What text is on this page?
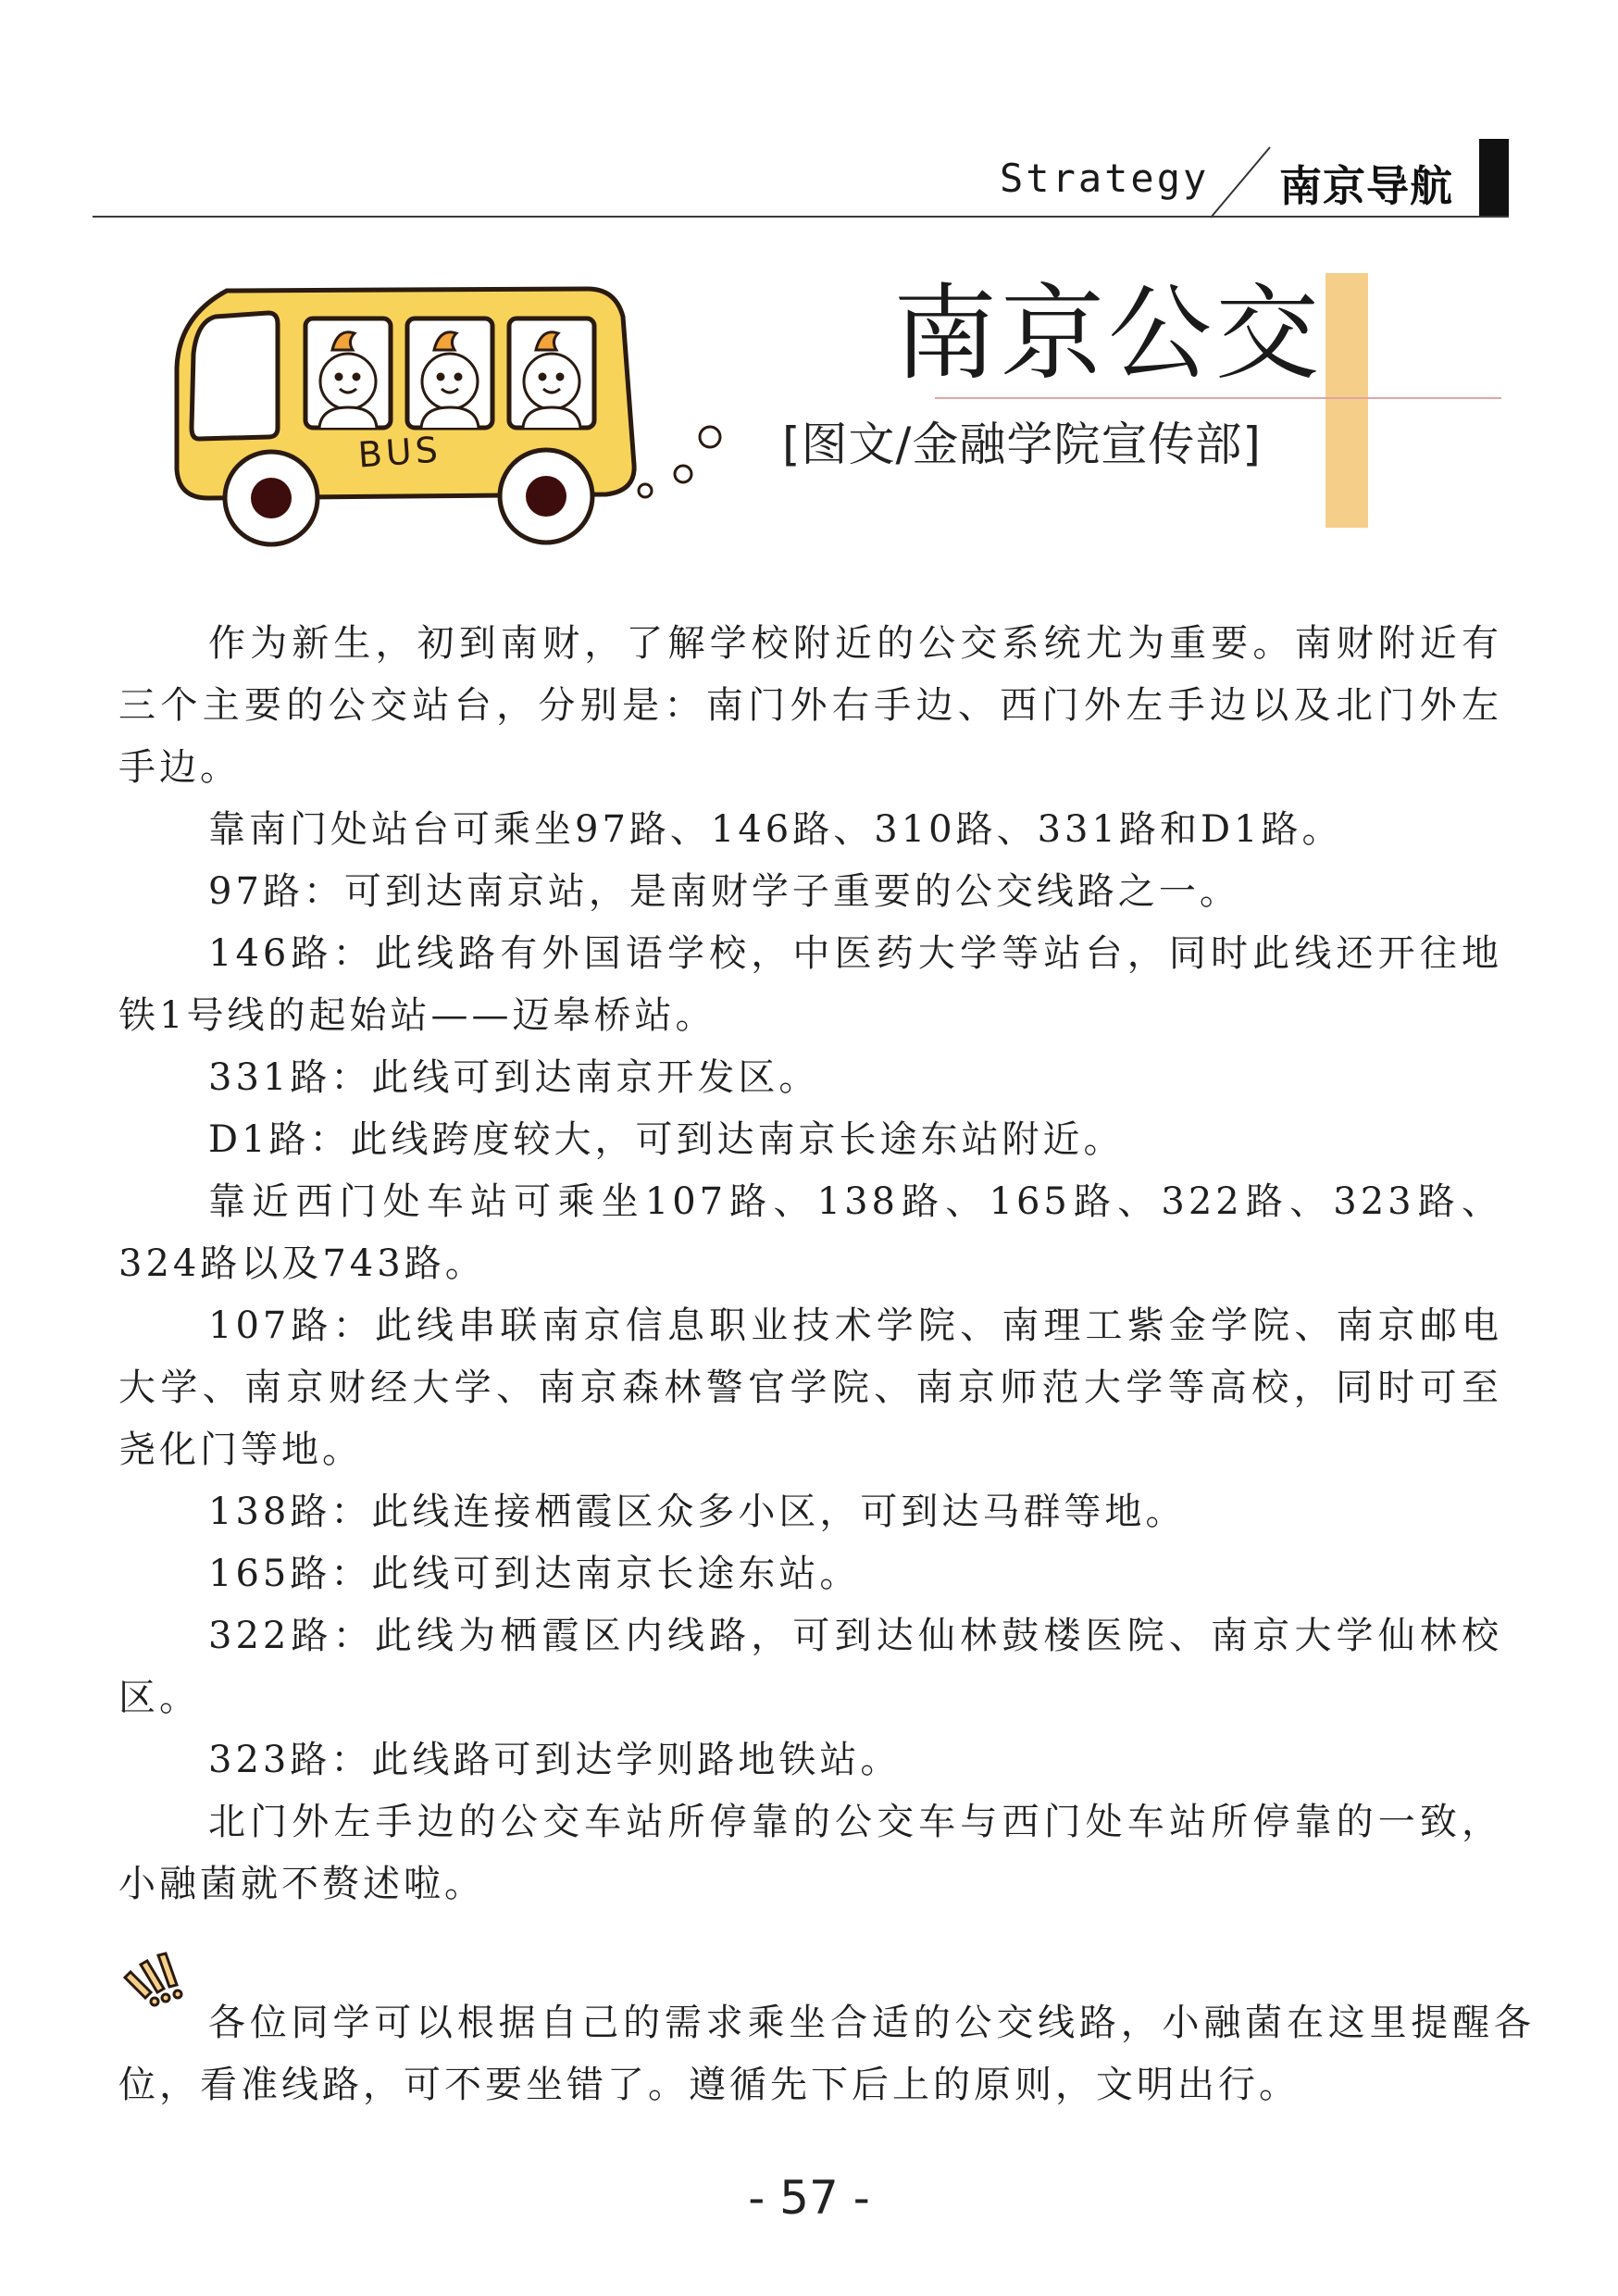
Strategy 南京导航
BUS
南京公交
[图文/金融学院宣传部]

作为新生，初到南财，了解学校附近的公交系统尤为重要。南财附近有三个主要的公交站台，分别是：南门外右手边、西门外左手边以及北门外左手边。

靠南门处站台可乘坐97路、146路、310路、331路和D1路。

97路：可到达南京站，是南财学子重要的公交线路之一。

146路：此线路有外国语学校，中医药大学等站台，同时此线还开往地铁1号线的起始站——迈皋桥站。

331路：此线可到达南京开发区。

D1路：此线跨度较大，可到达南京长途东站附近。

靠近西门处车站可乘坐107路、138路、165路、322路、323路、324路以及743路。

107路：此线串联南京信息职业技术学院、南理工紫金学院、南京邮电大学、南京财经大学、南京森林警官学院、南京师范大学等高校，同时可至尧化门等地。

138路：此线连接栖霞区众多小区，可到达马群等地。

165路：此线可到达南京长途东站。

322路：此线为栖霞区内线路，可到达仙林鼓楼医院、南京大学仙林校区。

323路：此线路可到达学则路地铁站。

北门外左手边的公交车站所停靠的公交车与西门处车站所停靠的一致，小融菌就不赘述啦。

各位同学可以根据自己的需求乘坐合适的公交线路，小融菌在这里提醒各位，看准线路，可不要坐错了。遵循先下后上的原则，文明出行。

- 57 -
